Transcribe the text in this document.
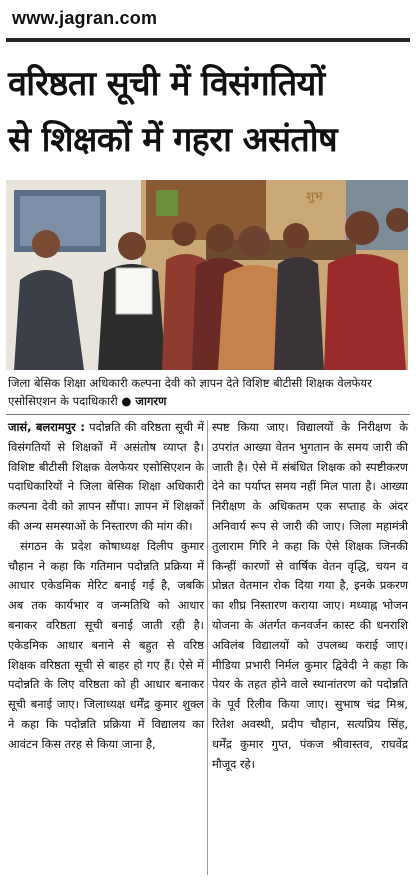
www.jagran.com
वरिष्ठता सूची में विसंगतियों
से शिक्षकों में गहरा असंतोष
शुभ
जिला बेसिक शिक्षा अधिकारी कल्पना देवी को ज्ञापन देते विशिष्ट बीटीसी शिक्षक वेलफेयर एसोसिएशन के पदाधिकारी ● जागरण

जासं, बलरामपुर : पदोन्नति की वरिष्ठता सूची में विसंगतियों से शिक्षकों में असंतोष व्याप्त है। विशिष्ट बीटीसी शिक्षक वेलफेयर एसोसिएशन के पदाधिकारियों ने जिला बेसिक शिक्षा अधिकारी कल्पना देवी को ज्ञापन सौंपा। ज्ञापन में शिक्षकों की अन्य समस्याओं के निस्तारण की मांग की।

संगठन के प्रदेश कोषाध्यक्ष दिलीप कुमार चौहान ने कहा कि गतिमान पदोन्नति प्रक्रिया में आधार एकेडमिक मेरिट बनाई गई है, जबकि अब तक कार्यभार व जन्मतिथि को आधार बनाकर वरिष्ठता सूची बनाई जाती रही है। एकेडमिक आधार बनाने से बहुत से वरिष्ठ शिक्षक वरिष्ठता सूची से बाहर हो गए हैं। ऐसे में पदोन्नति के लिए वरिष्ठता को ही आधार बनाकर सूची बनाई जाए। जिलाध्यक्ष धर्मेंद्र कुमार शुक्ल ने कहा कि पदोन्नति प्रक्रिया में विद्यालय का आवंटन किस तरह से किया जाना है,

स्पष्ट किया जाए। विद्यालयों के निरीक्षण के उपरांत आख्या वेतन भुगतान के समय जारी की जाती है। ऐसे में संबंधित शिक्षक को स्पष्टीकरण देने का पर्याप्त समय नहीं मिल पाता है। आख्या निरीक्षण के अधिकतम एक सप्ताह के अंदर अनिवार्य रूप से जारी की जाए। जिला महामंत्री तुलाराम गिरि ने कहा कि ऐसे शिक्षक जिनकी किन्हीं कारणों से वार्षिक वेतन वृद्धि, चयन व प्रोन्नत वेतमान रोक दिया गया है, इनके प्रकरण का शीघ्र निस्तारण कराया जाए। मध्याह्न भोजन योजना के अंतर्गत कनवर्जन कास्ट की धनराशि अविलंब विद्यालयों को उपलब्ध कराई जाए। मीडिया प्रभारी निर्मल कुमार द्विवेदी ने कहा कि पेयर के तहत होने वाले स्थानांतरण को पदोन्नति के पूर्व रिलीव किया जाए। सुभाष चंद्र मिश्र, रितेश अवस्थी, प्रदीप चौहान, सत्यप्रिय सिंह, धर्मेंद्र कुमार गुप्त, पंकज श्रीवास्तव, राघवेंद्र मौजूद रहे।
